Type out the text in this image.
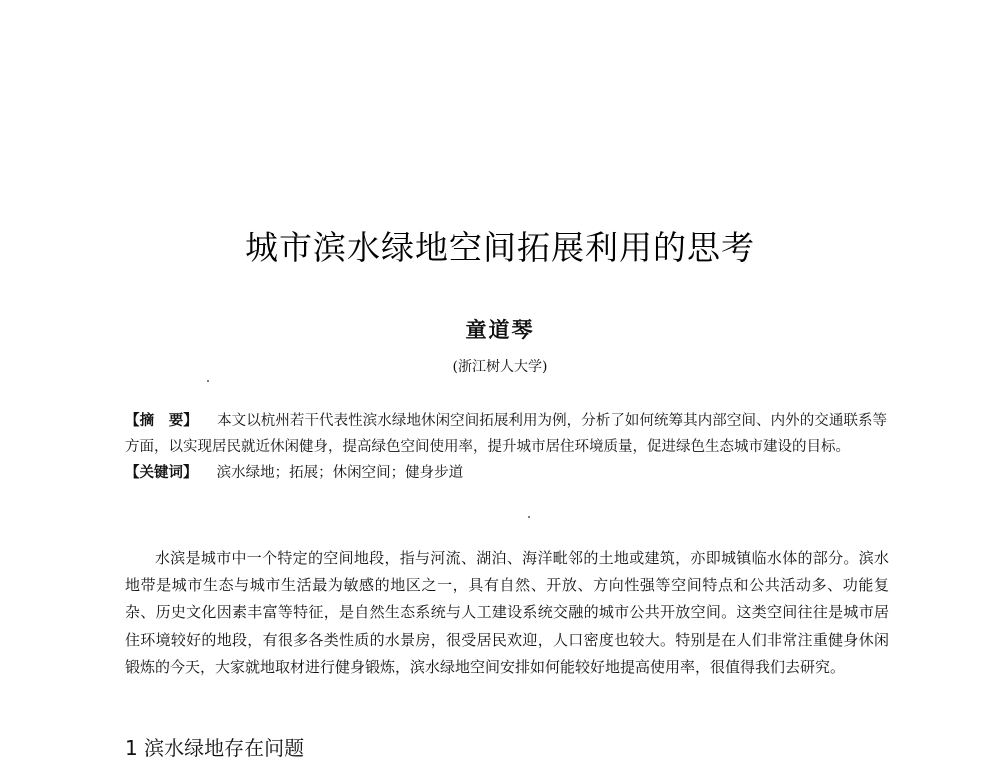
城市滨水绿地空间拓展利用的思考
童道琴
(浙江树人大学)
【摘　要】 　 本文以杭州若干代表性滨水绿地休闲空间拓展利用为例，分析了如何统筹其内部空间、内外的交通联系等方面，以实现居民就近休闲健身，提高绿色空间使用率，提升城市居住环境质量，促进绿色生态城市建设的目标。
【关键词】 　 滨水绿地；拓展；休闲空间；健身步道
水滨是城市中一个特定的空间地段，指与河流、湖泊、海洋毗邻的土地或建筑，亦即城镇临水体的部分。滨水地带是城市生态与城市生活最为敏感的地区之一，具有自然、开放、方向性强等空间特点和公共活动多、功能复杂、历史文化因素丰富等特征，是自然生态系统与人工建设系统交融的城市公共开放空间。这类空间往往是城市居住环境较好的地段，有很多各类性质的水景房，很受居民欢迎，人口密度也较大。特别是在人们非常注重健身休闲锻炼的今天，大家就地取材进行健身锻炼，滨水绿地空间安排如何能较好地提高使用率，很值得我们去研究。
1 滨水绿地存在问题
